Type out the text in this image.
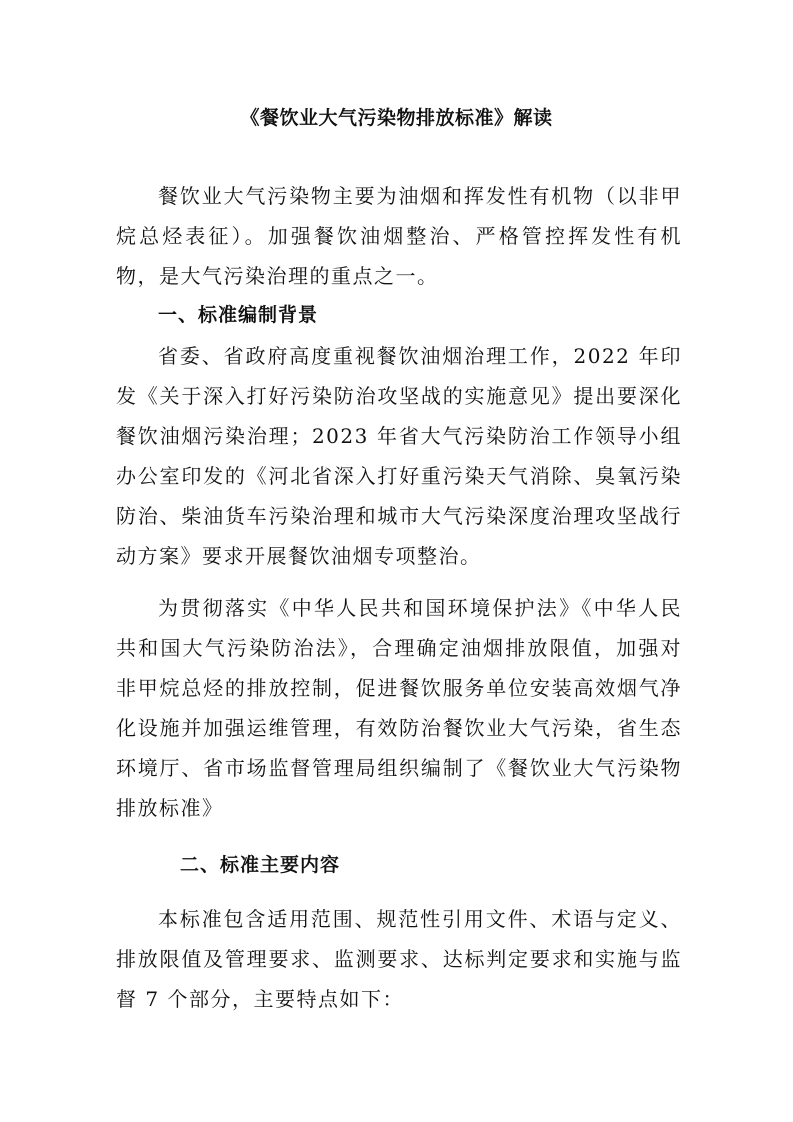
《餐饮业大气污染物排放标准》解读

餐饮业大气污染物主要为油烟和挥发性有机物（以非甲烷总烃表征）。加强餐饮油烟整治、严格管控挥发性有机物，是大气污染治理的重点之一。

一、标准编制背景

省委、省政府高度重视餐饮油烟治理工作，2022 年印发《关于深入打好污染防治攻坚战的实施意见》提出要深化餐饮油烟污染治理；2023 年省大气污染防治工作领导小组办公室印发的《河北省深入打好重污染天气消除、臭氧污染防治、柴油货车污染治理和城市大气污染深度治理攻坚战行动方案》要求开展餐饮油烟专项整治。

为贯彻落实《中华人民共和国环境保护法》《中华人民共和国大气污染防治法》，合理确定油烟排放限值，加强对非甲烷总烃的排放控制，促进餐饮服务单位安装高效烟气净化设施并加强运维管理，有效防治餐饮业大气污染，省生态环境厅、省市场监督管理局组织编制了《餐饮业大气污染物排放标准》

二、标准主要内容

本标准包含适用范围、规范性引用文件、术语与定义、排放限值及管理要求、监测要求、达标判定要求和实施与监督 7 个部分，主要特点如下：
